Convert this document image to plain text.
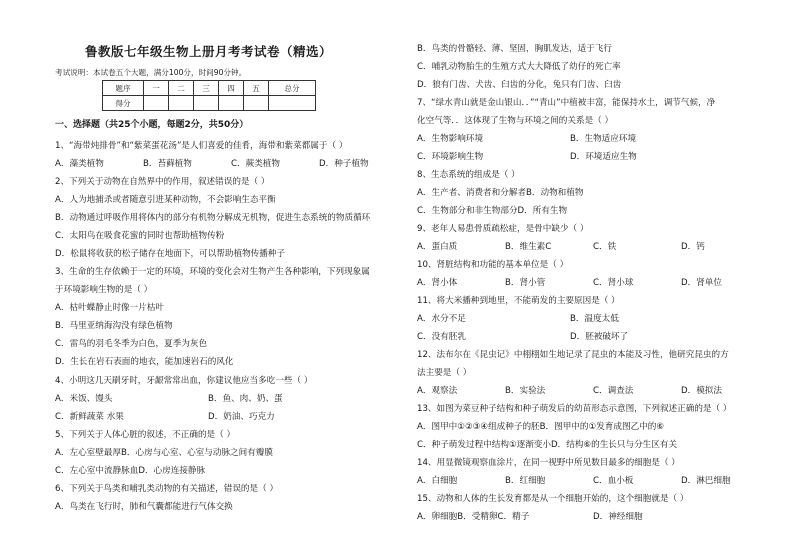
鲁教版七年级生物上册月考考试卷（精选）
考试说明：本试卷五个大题，满分100分，时间90分钟。
题序	一	二	三	四	五	总分
得分						
一、选择题（共25个小题，每题2分，共50分）
1、“海带炖排骨”和“紫菜蛋花汤”是人们喜爱的佳肴，海带和紫菜都属于（ ）
A．藻类植物	B．苔藓植物	C．蕨类植物	D．种子植物
2、下列关于动物在自然界中的作用，叙述错误的是（ ）
A．人为地捕杀或者随意引进某种动物，不会影响生态平衡
B．动物通过呼吸作用将体内的部分有机物分解成无机物，促进生态系统的物质循环
C．太阳鸟在吸食花蜜的同时也帮助植物传粉
D．松鼠将收获的松子储存在地面下，可以帮助植物传播种子
3、生命的生存依赖于一定的环境，环境的变化会对生物产生各种影响，下列现象属
于环境影响生物的是（ ）
A．枯叶蝶静止时像一片枯叶
B．马里亚纳海沟没有绿色植物
C．雷鸟的羽毛冬季为白色，夏季为灰色
D．生长在岩石表面的地衣，能加速岩石的风化
4、小明这几天刷牙时，牙龈常常出血，你建议他应当多吃一些（ ）
A．米饭、馒头	B．鱼、肉、奶、蛋
C．新鲜蔬菜 水果	D．奶油、巧克力
5、下列关于人体心脏的叙述，不正确的是（ ）
A．左心室壁最厚B．心房与心室、心室与动脉之间有瓣膜
C．左心室中流静脉血D．心房连接静脉
6、下列关于鸟类和哺乳类动物的有关描述，错误的是（ ）
A．鸟类在飞行时，肺和气囊都能进行气体交换
B．鸟类的骨骼轻、薄、坚固，胸肌发达，适于飞行
C．哺乳动物胎生的生殖方式大大降低了幼仔的死亡率
D．狼有门齿、犬齿、臼齿的分化，兔只有门齿、臼齿
7、“绿水青山就是金山银山．．”“青山”中植被丰富，能保持水土，调节气候，净
化空气等．．这体现了生物与环境之间的关系是（ ）
A．生物影响环境	B．生物适应环境
C．环境影响生物	D．环境适应生物
8、生态系统的组成是（ ）
A．生产者、消费者和分解者B．动物和植物
C．生物部分和非生物部分D．所有生物
9、老年人易患骨质疏松症，是骨中缺少（ ）
A．蛋白质	B．维生素C	C．铁	D．钙
10、肾脏结构和功能的基本单位是（ ）
A．肾小体	B．肾小管	C．肾小球	D．肾单位
11、将大米播种到地里，不能萌发的主要原因是（ ）
A．水分不足	B．温度太低
C．没有胚乳	D．胚被破坏了
12、法布尔在《昆虫记》中栩栩如生地记录了昆虫的本能及习性，他研究昆虫的方
法主要是（ ）
A．观察法	B．实验法	C．调查法	D．模拟法
13、如图为菜豆种子结构和种子萌发后的幼苗形态示意图，下列叙述正确的是（ ）
A．图甲中①②③④组成种子的胚B．图甲中的①发育成图乙中的⑥
C．种子萌发过程中结构①逐渐变小D．结构⑥的生长只与分生区有关
14、用显微镜观察血涂片，在同一视野中所见数目最多的细胞是（ ）
A．白细胞	B．红细胞	C．血小板	D．淋巴细胞
15、动物和人体的生长发育都是从一个细胞开始的，这个细胞就是（ ）
A．卵细胞B．受精卵C．精子	D．神经细胞
